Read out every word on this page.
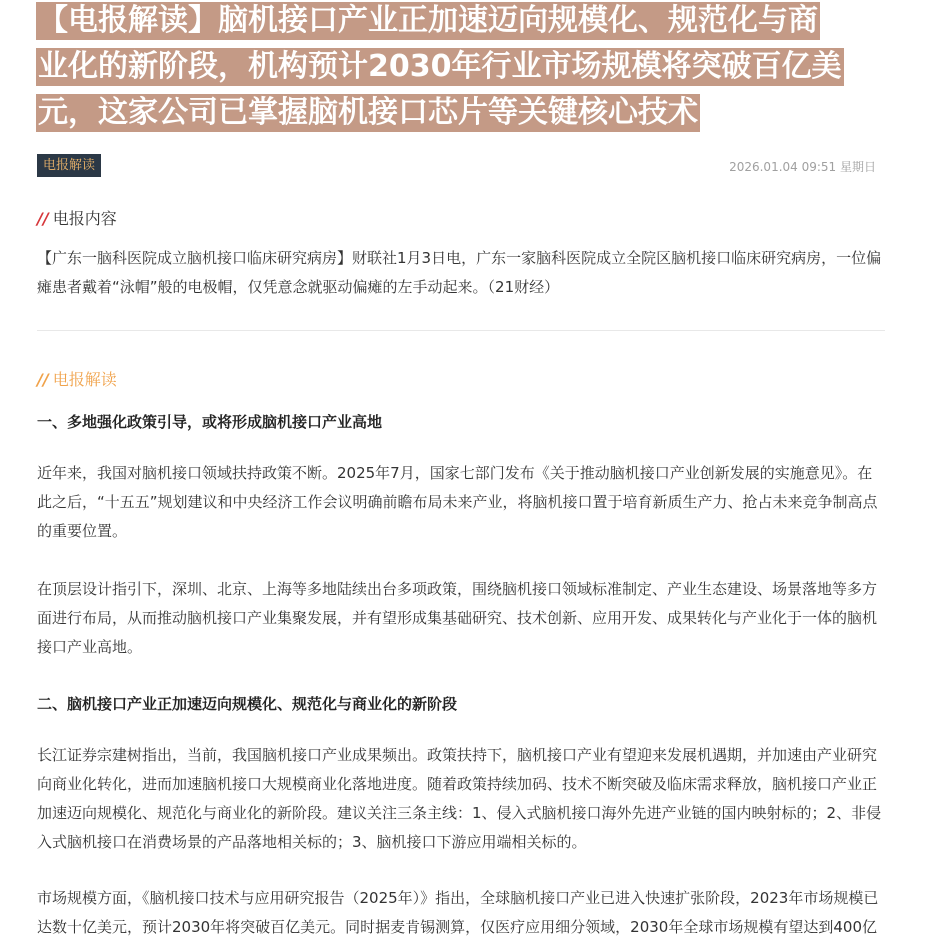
【电报解读】脑机接口产业正加速迈向规模化、规范化与商
业化的新阶段，机构预计2030年行业市场规模将突破百亿美
元，这家公司已掌握脑机接口芯片等关键核心技术
电报解读	2026.01.04 09:51 星期日
// 电报内容

【广东一脑科医院成立脑机接口临床研究病房】财联社1月3日电，广东一家脑科医院成立全院区脑机接口临床研究病房，一位偏瘫患者戴着“泳帽”般的电极帽，仅凭意念就驱动偏瘫的左手动起来。（21财经）

// 电报解读
一、多地强化政策引导，或将形成脑机接口产业高地

近年来，我国对脑机接口领域扶持政策不断。2025年7月，国家七部门发布《关于推动脑机接口产业创新发展的实施意见》。在此之后，“十五五”规划建议和中央经济工作会议明确前瞻布局未来产业，将脑机接口置于培育新质生产力、抢占未来竞争制高点的重要位置。

在顶层设计指引下，深圳、北京、上海等多地陆续出台多项政策，围绕脑机接口领域标准制定、产业生态建设、场景落地等多方面进行布局，从而推动脑机接口产业集聚发展，并有望形成集基础研究、技术创新、应用开发、成果转化与产业化于一体的脑机接口产业高地。

二、脑机接口产业正加速迈向规模化、规范化与商业化的新阶段

长江证券宗建树指出，当前，我国脑机接口产业成果频出。政策扶持下，脑机接口产业有望迎来发展机遇期，并加速由产业研究向商业化转化，进而加速脑机接口大规模商业化落地进度。随着政策持续加码、技术不断突破及临床需求释放，脑机接口产业正加速迈向规模化、规范化与商业化的新阶段。建议关注三条主线：1、侵入式脑机接口海外先进产业链的国内映射标的；2、非侵入式脑机接口在消费场景的产品落地相关标的；3、脑机接口下游应用端相关标的。

市场规模方面，《脑机接口技术与应用研究报告（2025年）》指出，全球脑机接口产业已进入快速扩张阶段，2023年市场规模已达数十亿美元，预计2030年将突破百亿美元。同时据麦肯锡测算，仅医疗应用细分领域，2030年全球市场规模有望达到400亿
